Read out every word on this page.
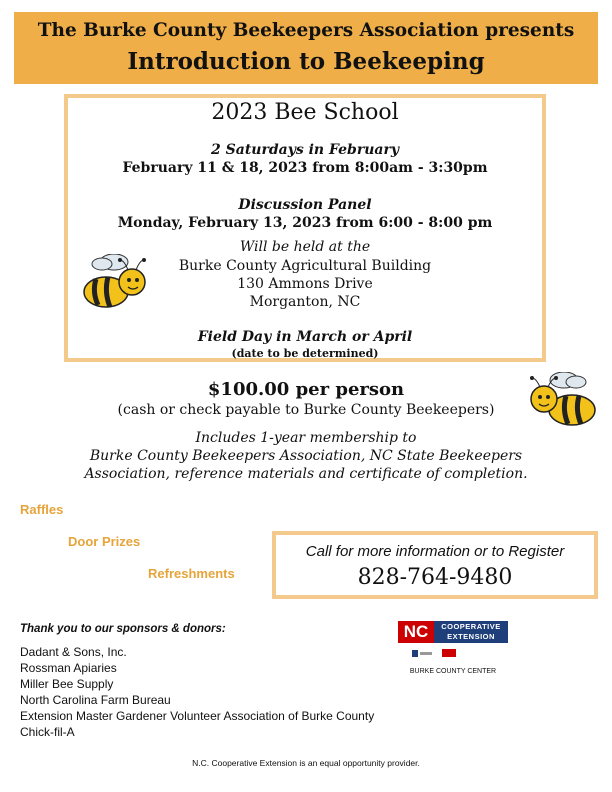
The Burke County Beekeepers Association presents
Introduction to Beekeeping
2023 Bee School
2 Saturdays in February
February 11 & 18, 2023 from 8:00am - 3:30pm
Discussion Panel
Monday, February 13, 2023 from 6:00 - 8:00 pm
Will be held at the
Burke County Agricultural Building
130 Ammons Drive
Morganton, NC
Field Day in March or April
(date to be determined)
$100.00 per person
(cash or check payable to Burke County Beekeepers)
Includes 1-year membership to
Burke County Beekeepers Association, NC State Beekeepers
Association, reference materials and certificate of completion.
Raffles
Door Prizes
Refreshments
Call for more information or to Register
828-764-9480
Thank you to our sponsors & donors:
Dadant & Sons, Inc.
Rossman Apiaries
Miller Bee Supply
North Carolina Farm Bureau
Extension Master Gardener Volunteer Association of Burke County
Chick-fil-A
NC	COOPERATIVE
EXTENSION
BURKE COUNTY CENTER
N.C. Cooperative Extension is an equal opportunity provider.
